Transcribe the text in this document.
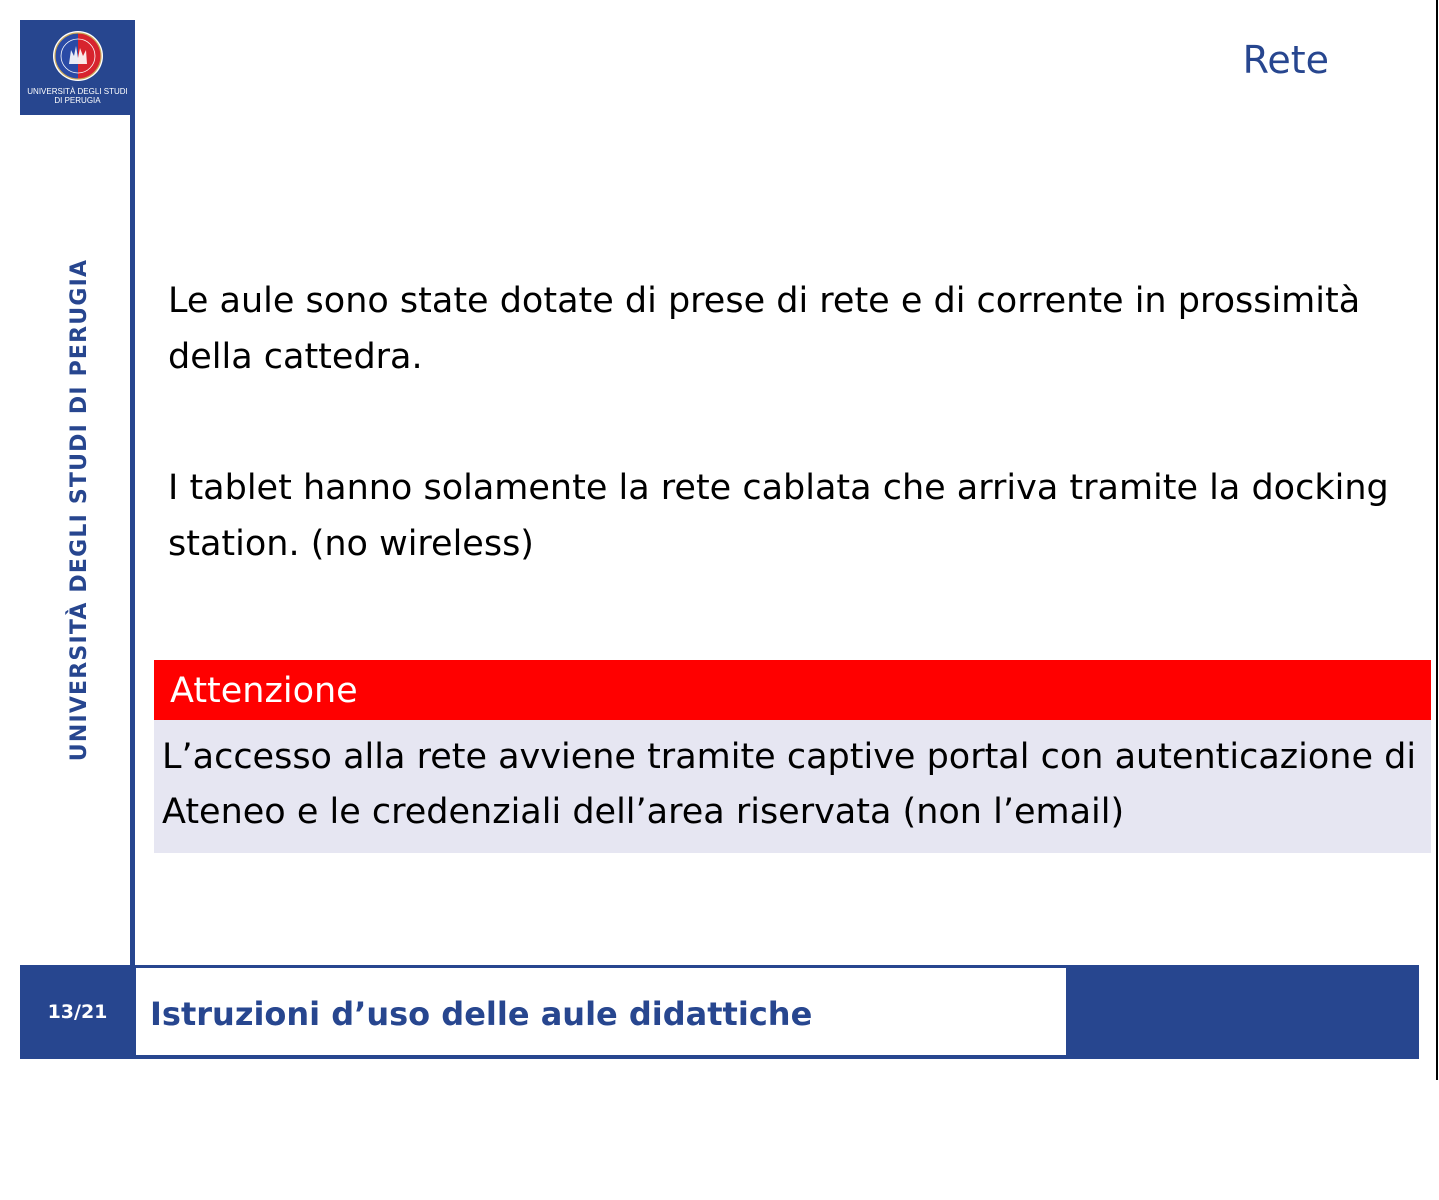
UNIVERSITÀ DEGLI STUDI
DI PERUGIA
UNIVERSITÀ DEGLI STUDI DI PERUGIA
Rete
Le aule sono state dotate di prese di rete e di corrente in prossimità della cattedra.
I tablet hanno solamente la rete cablata che arriva tramite la docking station. (no wireless)
Attenzione
L’accesso alla rete avviene tramite captive portal con autenticazione di Ateneo e le credenziali dell’area riservata (non l’email)
13/21	Istruzioni d’uso delle aule didattiche
